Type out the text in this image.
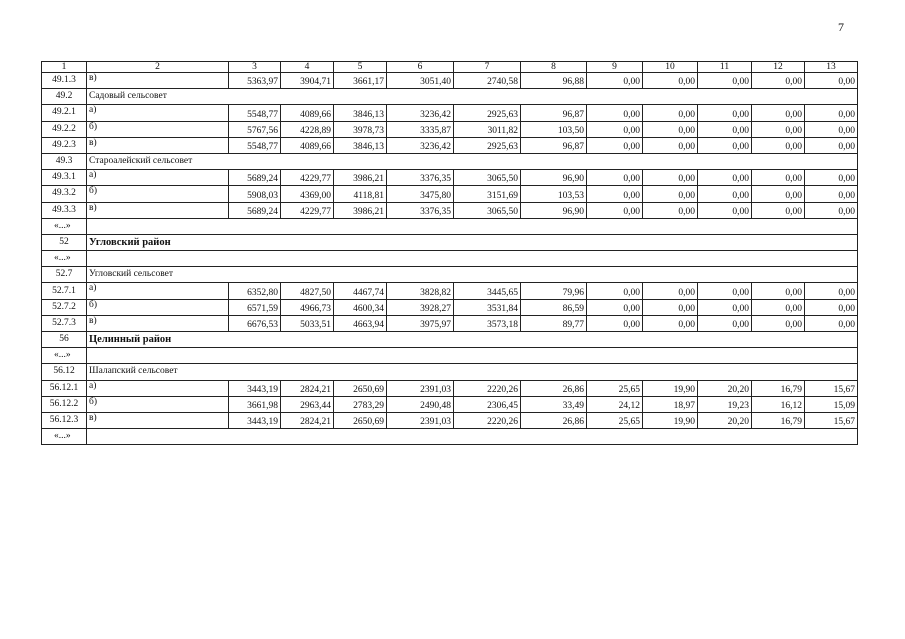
7
1	2	3	4	5	6	7	8	9	10	11	12	13
49.1.3	в)	5363,97	3904,71	3661,17	3051,40	2740,58	96,88	0,00	0,00	0,00	0,00	0,00
49.2	Садовый сельсовет											
49.2.1	а)	5548,77	4089,66	3846,13	3236,42	2925,63	96,87	0,00	0,00	0,00	0,00	0,00
49.2.2	б)	5767,56	4228,89	3978,73	3335,87	3011,82	103,50	0,00	0,00	0,00	0,00	0,00
49.2.3	в)	5548,77	4089,66	3846,13	3236,42	2925,63	96,87	0,00	0,00	0,00	0,00	0,00
49.3	Староалейский сельсовет											
49.3.1	а)	5689,24	4229,77	3986,21	3376,35	3065,50	96,90	0,00	0,00	0,00	0,00	0,00
49.3.2	б)	5908,03	4369,00	4118,81	3475,80	3151,69	103,53	0,00	0,00	0,00	0,00	0,00
49.3.3	в)	5689,24	4229,77	3986,21	3376,35	3065,50	96,90	0,00	0,00	0,00	0,00	0,00
«...»												
52	Угловский район											
«...»												
52.7	Угловский сельсовет											
52.7.1	а)	6352,80	4827,50	4467,74	3828,82	3445,65	79,96	0,00	0,00	0,00	0,00	0,00
52.7.2	б)	6571,59	4966,73	4600,34	3928,27	3531,84	86,59	0,00	0,00	0,00	0,00	0,00
52.7.3	в)	6676,53	5033,51	4663,94	3975,97	3573,18	89,77	0,00	0,00	0,00	0,00	0,00
56	Целинный район											
«...»												
56.12	Шалапский сельсовет											
56.12.1	а)	3443,19	2824,21	2650,69	2391,03	2220,26	26,86	25,65	19,90	20,20	16,79	15,67
56.12.2	б)	3661,98	2963,44	2783,29	2490,48	2306,45	33,49	24,12	18,97	19,23	16,12	15,09
56.12.3	в)	3443,19	2824,21	2650,69	2391,03	2220,26	26,86	25,65	19,90	20,20	16,79	15,67
«...»												
